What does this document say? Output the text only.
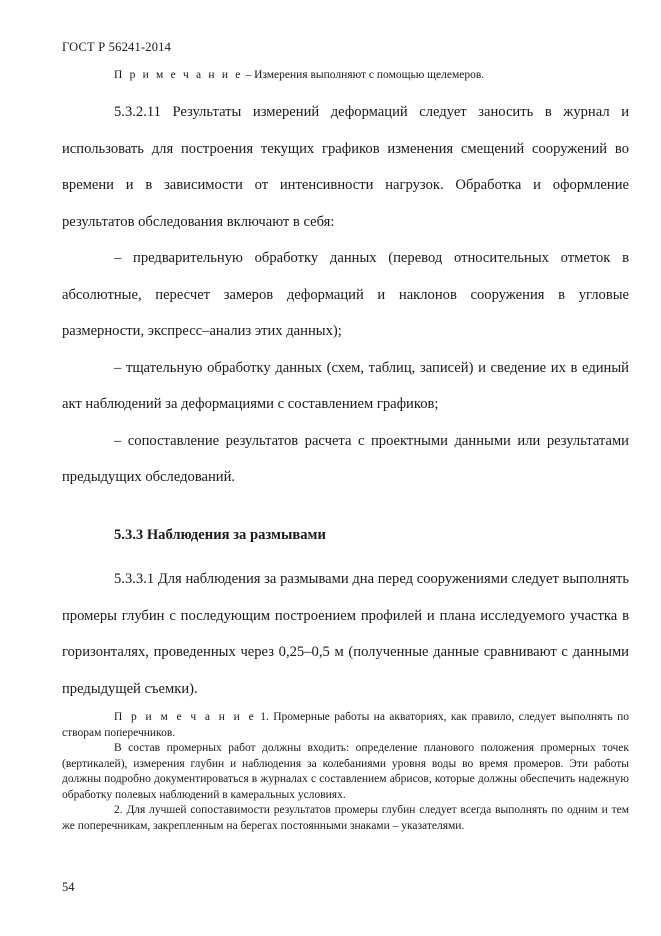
ГОСТ Р 56241-2014
П р и м е ч а н и е – Измерения выполняют с помощью щелемеров.

5.3.2.11 Результаты измерений деформаций следует заносить в журнал и использовать для построения текущих графиков изменения смещений сооружений во времени и в зависимости от интенсивности нагрузок. Обработка и оформление результатов обследования включают в себя:

– предварительную обработку данных (перевод относительных отметок в абсолютные, пересчет замеров деформаций и наклонов сооружения в угловые размерности, экспресс–анализ этих данных);

– тщательную обработку данных (схем, таблиц, записей) и сведение их в единый акт наблюдений за деформациями с составлением графиков;

– сопоставление результатов расчета с проектными данными или результатами предыдущих обследований.

5.3.3 Наблюдения за размывами

5.3.3.1 Для наблюдения за размывами дна перед сооружениями следует выполнять промеры глубин с последующим построением профилей и плана исследуемого участка в горизонталях, проведенных через 0,25–0,5 м (полученные данные сравнивают с данными предыдущей съемки).

П р и м е ч а н и е 1. Промерные работы на акваториях, как правило, следует выполнять по створам поперечников.

В состав промерных работ должны входить: определение планового положения промерных точек (вертикалей), измерения глубин и наблюдения за колебаниями уровня воды во время промеров. Эти работы должны подробно документироваться в журналах с составлением абрисов, которые должны обеспечить надежную обработку полевых наблюдений в камеральных условиях.

2. Для лучшей сопоставимости результатов промеры глубин следует всегда выполнять по одним и тем же поперечникам, закрепленным на берегах постоянными знаками – указателями.

54
